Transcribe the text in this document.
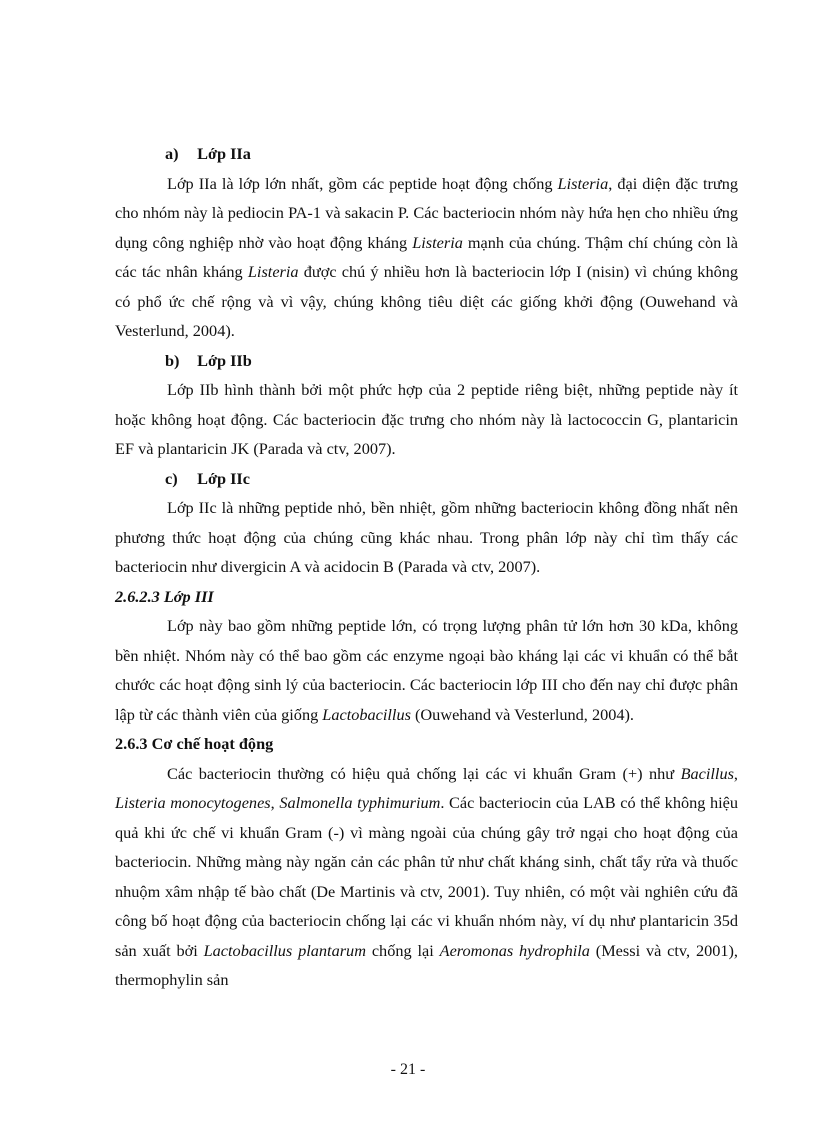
a) Lớp IIa

Lớp IIa là lớp lớn nhất, gồm các peptide hoạt động chống Listeria, đại diện đặc trưng cho nhóm này là pediocin PA-1 và sakacin P. Các bacteriocin nhóm này hứa hẹn cho nhiều ứng dụng công nghiệp nhờ vào hoạt động kháng Listeria mạnh của chúng. Thậm chí chúng còn là các tác nhân kháng Listeria được chú ý nhiều hơn là bacteriocin lớp I (nisin) vì chúng không có phổ ức chế rộng và vì vậy, chúng không tiêu diệt các giống khởi động (Ouwehand và Vesterlund, 2004).

b) Lớp IIb

Lớp IIb hình thành bởi một phức hợp của 2 peptide riêng biệt, những peptide này ít hoặc không hoạt động. Các bacteriocin đặc trưng cho nhóm này là lactococcin G, plantaricin EF và plantaricin JK (Parada và ctv, 2007).

c) Lớp IIc

Lớp IIc là những peptide nhỏ, bền nhiệt, gồm những bacteriocin không đồng nhất nên phương thức hoạt động của chúng cũng khác nhau. Trong phân lớp này chỉ tìm thấy các bacteriocin như divergicin A và acidocin B (Parada và ctv, 2007).

2.6.2.3 Lớp III

Lớp này bao gồm những peptide lớn, có trọng lượng phân tử lớn hơn 30 kDa, không bền nhiệt. Nhóm này có thể bao gồm các enzyme ngoại bào kháng lại các vi khuẩn có thể bắt chước các hoạt động sinh lý của bacteriocin. Các bacteriocin lớp III cho đến nay chỉ được phân lập từ các thành viên của giống Lactobacillus (Ouwehand và Vesterlund, 2004).

2.6.3 Cơ chế hoạt động

Các bacteriocin thường có hiệu quả chống lại các vi khuẩn Gram (+) như Bacillus, Listeria monocytogenes, Salmonella typhimurium. Các bacteriocin của LAB có thể không hiệu quả khi ức chế vi khuẩn Gram (-) vì màng ngoài của chúng gây trở ngại cho hoạt động của bacteriocin. Những màng này ngăn cản các phân tử như chất kháng sinh, chất tẩy rửa và thuốc nhuộm xâm nhập tế bào chất (De Martinis và ctv, 2001). Tuy nhiên, có một vài nghiên cứu đã công bố hoạt động của bacteriocin chống lại các vi khuẩn nhóm này, ví dụ như plantaricin 35d sản xuất bởi Lactobacillus plantarum chống lại Aeromonas hydrophila (Messi và ctv, 2001), thermophylin sản

- 21 -
